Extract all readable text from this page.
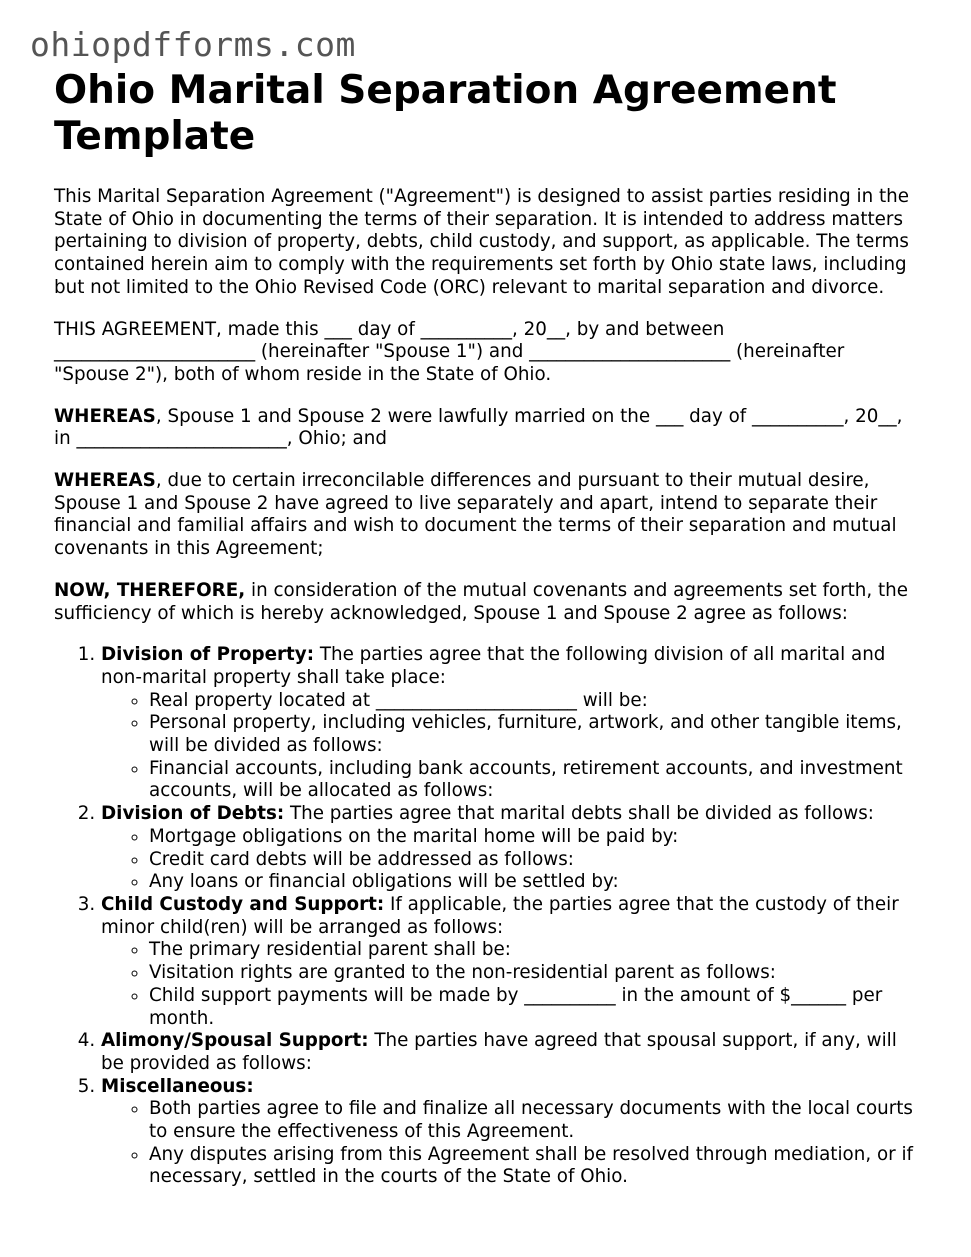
ohiopdfforms.com
Ohio Marital Separation Agreement Template

This Marital Separation Agreement ("Agreement") is designed to assist parties residing in the State of Ohio in documenting the terms of their separation. It is intended to address matters pertaining to division of property, debts, child custody, and support, as applicable. The terms contained herein aim to comply with the requirements set forth by Ohio state laws, including but not limited to the Ohio Revised Code (ORC) relevant to marital separation and divorce.

THIS AGREEMENT, made this ___ day of __________, 20__, by and between ______________________ (hereinafter "Spouse 1") and ______________________ (hereinafter "Spouse 2"), both of whom reside in the State of Ohio.

WHEREAS, Spouse 1 and Spouse 2 were lawfully married on the ___ day of __________, 20__, in _______________________, Ohio; and

WHEREAS, due to certain irreconcilable differences and pursuant to their mutual desire, Spouse 1 and Spouse 2 have agreed to live separately and apart, intend to separate their financial and familial affairs and wish to document the terms of their separation and mutual covenants in this Agreement;

NOW, THEREFORE, in consideration of the mutual covenants and agreements set forth, the sufficiency of which is hereby acknowledged, Spouse 1 and Spouse 2 agree as follows:

1. Division of Property: The parties agree that the following division of all marital and non-marital property shall take place:
◦ Real property located at ______________________ will be:
◦ Personal property, including vehicles, furniture, artwork, and other tangible items, will be divided as follows:
◦ Financial accounts, including bank accounts, retirement accounts, and investment accounts, will be allocated as follows:
2. Division of Debts: The parties agree that marital debts shall be divided as follows:
◦ Mortgage obligations on the marital home will be paid by:
◦ Credit card debts will be addressed as follows:
◦ Any loans or financial obligations will be settled by:
3. Child Custody and Support: If applicable, the parties agree that the custody of their minor child(ren) will be arranged as follows:
◦ The primary residential parent shall be:
◦ Visitation rights are granted to the non-residential parent as follows:
◦ Child support payments will be made by __________ in the amount of $______ per month.
4. Alimony/Spousal Support: The parties have agreed that spousal support, if any, will be provided as follows:
5. Miscellaneous:
◦ Both parties agree to file and finalize all necessary documents with the local courts to ensure the effectiveness of this Agreement.
◦ Any disputes arising from this Agreement shall be resolved through mediation, or if necessary, settled in the courts of the State of Ohio.
